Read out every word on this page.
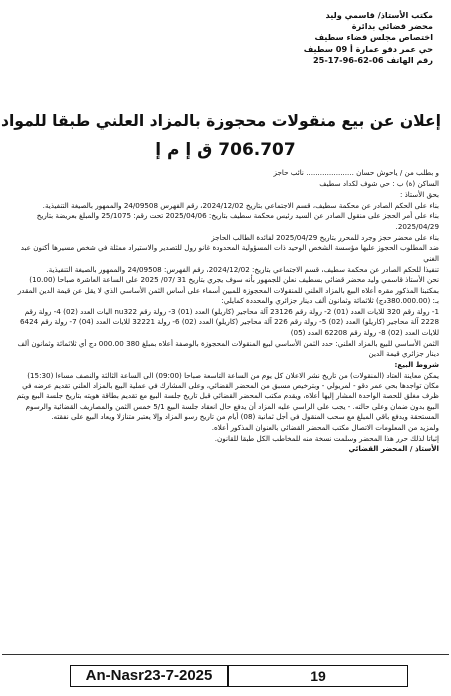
مكتب الأستاذ/ قاسمي وليد
محضر قضائي بدائرة
اختصاص مجلس قضاء سطيف
حي عمر دقو عمارة أ 09 سطيف
رقم الهاتف 06-62-96-17-25
إعلان عن بيع منقولات محجوزة بالمزاد العلني طبقا للمواد
706.707 ق إ م إ

و بطلب من / ياحوش حسان ..................... نائب حاجز

الساكن (ة) ب : حي شوف لكداد سطيف

بحق الأستاذ :

بناء على الحكم الصادر عن محكمة سطيف، قسم الاجتماعي بتاريخ 2024/12/02، رقم الفهرس 24/09508 والممهور بالصيغة التنفيذية.

بناء على أمر الحجز على منقول الصادر عن السيد رئيس محكمة سطيف بتاريخ: 2025/04/06 تحت رقم: 25/1075 والمبلغ بعريضة بتاريخ 2025/04/29.

بناء على محضر حجز وجرد للمحرر بتاريخ 2025/04/29 لفائدة الطالب الحاجز

ضد المطلوب الحجوز عليها مؤسسة الشخص الوحيد ذات المسؤولية المحدودة غانو رول للتصدير والاستيراد ممثلة في شخص مسيرها أكنون عبد الغني

تنفيذا للحكم الصادر عن محكمة سطيف، قسم الاجتماعي بتاريخ: 2024/12/02، رقم الفهرس: 24/09508 والممهور بالصيغة التنفيذية.

نحن الأستاذ قاسمي وليد محضر قضائي بسطيف نعلن للجمهور بأنه سوف يجري بتاريخ 31 /07/ 2025 على الساعة العاشرة صباحا (10.00) بمكتبنا المذكور مقره أعلاه البيع بالمزاد العلني للمنقولات المحجوزة للمبين أسماء على أساس الثمن الأساسي الذي لا يقل عن قيمة الدين المقدر بـ: (380.000.00دج) ثلاثمائة وثمانون ألف دينار جزائري والمحددة كمايلي:

1- رولة رقم 320 للايات العدد (01) 2- رولة رقم 23126 آلة محاجير (كاريلو) العدد (01) 3- رولة رقم nu322 اليات العدد (02) 4- رولة رقم 2228 آلة محاجير (كاريلو) العدد (02) 5- رولة رقم 226 آلة محاجير (كاريلو) العدد (02) 6- رولة 32221 للايات العدد (04) 7- رولة رقم 6424 للايات العدد (02) 8- رولة رقم 62208 العدد (05)

الثمن الأساسي للبيع بالمزاد العلني: حدد الثمن الأساسي لبيع المنقولات المحجوزة بالوصفة أعلاه بمبلغ 380 000.00 دج أي ثلاثمائة وثمانون ألف دينار جزائري قيمة الدين

شروط البيع:

يمكن معاينة العتاد (المنقولات) من تاريخ نشر الاعلان كل يوم من الساعة التاسعة صباحا (09:00) الى الساعة الثالثة والنصف مساءا (15:30) مكان تواجدها بحي عمر دقو - لمريولي - وبترخيص مسبق من المحضر القضائي، وعلى المشارك في عملية البيع بالمزاد العلني تقديم عرضه في ظرف مغلق للحصة الواحدة المشار إليها أعلاه، ويقدم مكتب المحضر القضائي قبل تاريخ جلسة البيع مع تقديم بطاقة هويته بتاريخ جلسة البيع ويتم البيع بدون ضمان وعلى حالته. - يجب على الراسي عليه المزاد أن يدفع حال انعقاد جلسة البيع 5/1 خمس الثمن والمصاريف القضائية والرسوم المستحقة ويدفع باقي المبلغ مع سحب المنقول في أجل ثمانية (08) أيام من تاريخ رسو المزاد وإلا يعتبر متنازلا ويعاد البيع على نفقته.

ولمزيد من المعلومات الاتصال مكتب المحضر القضائي بالعنوان المذكور أعلاه.

إثباتا لذلك حرر هذا المحضر وسلمت نسخة منه للمخاطب الكل طبقا للقانون.

الأستاذ / المحضر القضائي

An-Nasr23-7-2025	19
